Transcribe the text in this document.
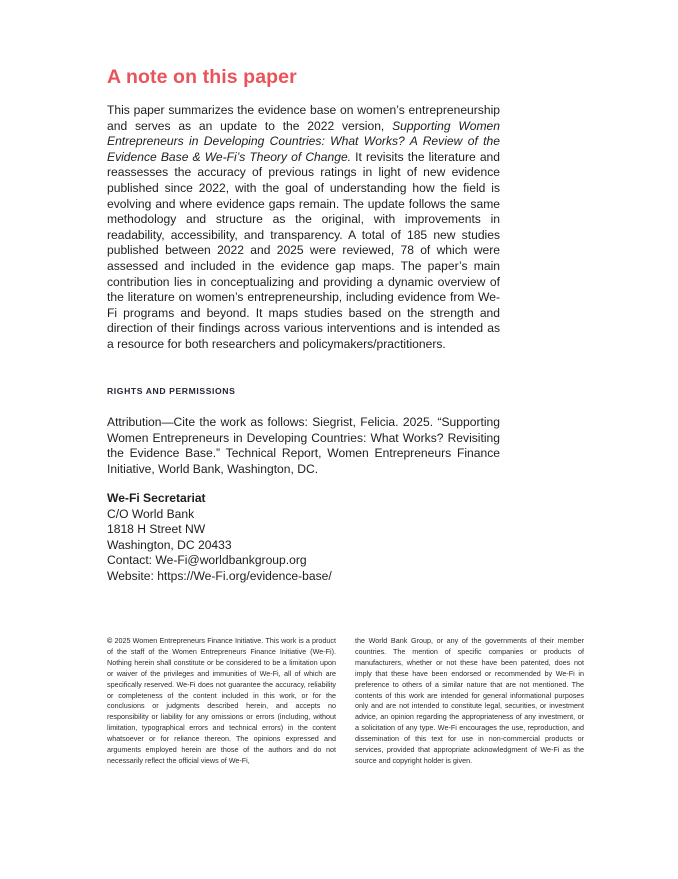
A note on this paper

This paper summarizes the evidence base on women’s entrepreneurship and serves as an update to the 2022 version, Supporting Women Entrepreneurs in Developing Countries: What Works? A Review of the Evidence Base & We-Fi’s Theory of Change. It revisits the literature and reassesses the accuracy of previous ratings in light of new evidence published since 2022, with the goal of understanding how the field is evolving and where evidence gaps remain. The update follows the same methodology and structure as the original, with improvements in readability, accessibility, and transparency. A total of 185 new studies published between 2022 and 2025 were reviewed, 78 of which were assessed and included in the evidence gap maps. The paper’s main contribution lies in conceptualizing and providing a dynamic overview of the literature on women’s entrepreneurship, including evidence from We-Fi programs and beyond. It maps studies based on the strength and direction of their findings across various interventions and is intended as a resource for both researchers and policymakers/practitioners.

RIGHTS AND PERMISSIONS

Attribution—Cite the work as follows: Siegrist, Felicia. 2025. “Supporting Women Entrepreneurs in Developing Countries: What Works? Revisiting the Evidence Base.” Technical Report, Women Entrepreneurs Finance Initiative, World Bank, Washington, DC.

We-Fi Secretariat
C/O World Bank
1818 H Street NW
Washington, DC 20433
Contact: We-Fi@worldbankgroup.org
Website: https://We-Fi.org/evidence-base/

© 2025 Women Entrepreneurs Finance Initiative. This work is a product of the staff of the Women Entrepreneurs Finance Initiative (We-Fi). Nothing herein shall constitute or be considered to be a limitation upon or waiver of the privileges and immunities of We-Fi, all of which are specifically reserved. We-Fi does not guarantee the accuracy, reliability or completeness of the content included in this work, or for the conclusions or judgments described herein, and accepts no responsibility or liability for any omissions or errors (including, without limitation, typographical errors and technical errors) in the content whatsoever or for reliance thereon. The opinions expressed and arguments employed herein are those of the authors and do not necessarily reflect the official views of We-Fi,

the World Bank Group, or any of the governments of their member countries. The mention of specific companies or products of manufacturers, whether or not these have been patented, does not imply that these have been endorsed or recommended by We-Fi in preference to others of a similar nature that are not mentioned. The contents of this work are intended for general informational purposes only and are not intended to constitute legal, securities, or investment advice, an opinion regarding the appropriateness of any investment, or a solicitation of any type. We-Fi encourages the use, reproduction, and dissemination of this text for use in non-commercial products or services, provided that appropriate acknowledgment of We-Fi as the source and copyright holder is given.
